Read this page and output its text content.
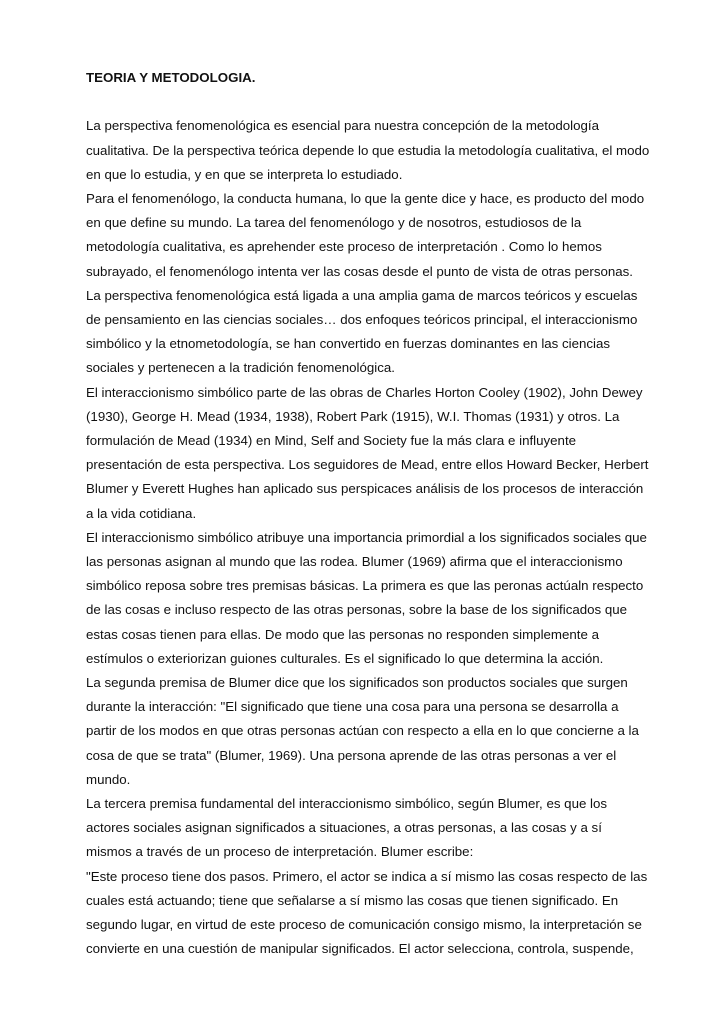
TEORIA Y METODOLOGIA.
La perspectiva fenomenológica es esencial para nuestra concepción de la metodología
cualitativa. De la perspectiva teórica depende lo que estudia la metodología cualitativa, el modo
en que lo estudia, y en que se interpreta lo estudiado.
Para el fenomenólogo, la conducta humana, lo que la gente dice y hace, es producto del modo
en que define su mundo. La tarea del fenomenólogo y de nosotros, estudiosos de la
metodología cualitativa, es aprehender este proceso de interpretación . Como lo hemos
subrayado, el fenomenólogo intenta ver las cosas desde el punto de vista de otras personas.
La perspectiva fenomenológica está ligada a una amplia gama de marcos teóricos y escuelas
de pensamiento en las ciencias sociales… dos enfoques teóricos principal, el interaccionismo
simbólico y la etnometodología, se han convertido en fuerzas dominantes en las ciencias
sociales y pertenecen a la tradición fenomenológica.
El interaccionismo simbólico parte de las obras de Charles Horton Cooley (1902), John Dewey
(1930), George H. Mead (1934, 1938), Robert Park (1915), W.I. Thomas (1931) y otros. La
formulación de Mead (1934) en Mind, Self and Society fue la más clara e influyente
presentación de esta perspectiva. Los seguidores de Mead, entre ellos Howard Becker, Herbert
Blumer y Everett Hughes han aplicado sus perspicaces análisis de los procesos de interacción
a la vida cotidiana.
El interaccionismo simbólico atribuye una importancia primordial a los significados sociales que
las personas asignan al mundo que las rodea. Blumer (1969) afirma que el interaccionismo
simbólico reposa sobre tres premisas básicas. La primera es que las peronas actúaln respecto
de las cosas e incluso respecto de las otras personas, sobre la base de los significados que
estas cosas tienen para ellas. De modo que las personas no responden simplemente a
estímulos o exteriorizan guiones culturales. Es el significado lo que determina la acción.
La segunda premisa de Blumer dice que los significados son productos sociales que surgen
durante la interacción: "El significado que tiene una cosa para una persona se desarrolla a
partir de los modos en que otras personas actúan con respecto a ella en lo que concierne a la
cosa de que se trata" (Blumer, 1969). Una persona aprende de las otras personas a ver el
mundo.
La tercera premisa fundamental del interaccionismo simbólico, según Blumer, es que los
actores sociales asignan significados a situaciones, a otras personas, a las cosas y a sí
mismos a través de un proceso de interpretación. Blumer escribe:
"Este proceso tiene dos pasos. Primero, el actor se indica a sí mismo las cosas respecto de las
cuales está actuando; tiene que señalarse a sí mismo las cosas que tienen significado. En
segundo lugar, en virtud de este proceso de comunicación consigo mismo, la interpretación se
convierte en una cuestión de manipular significados. El actor selecciona, controla, suspende,
